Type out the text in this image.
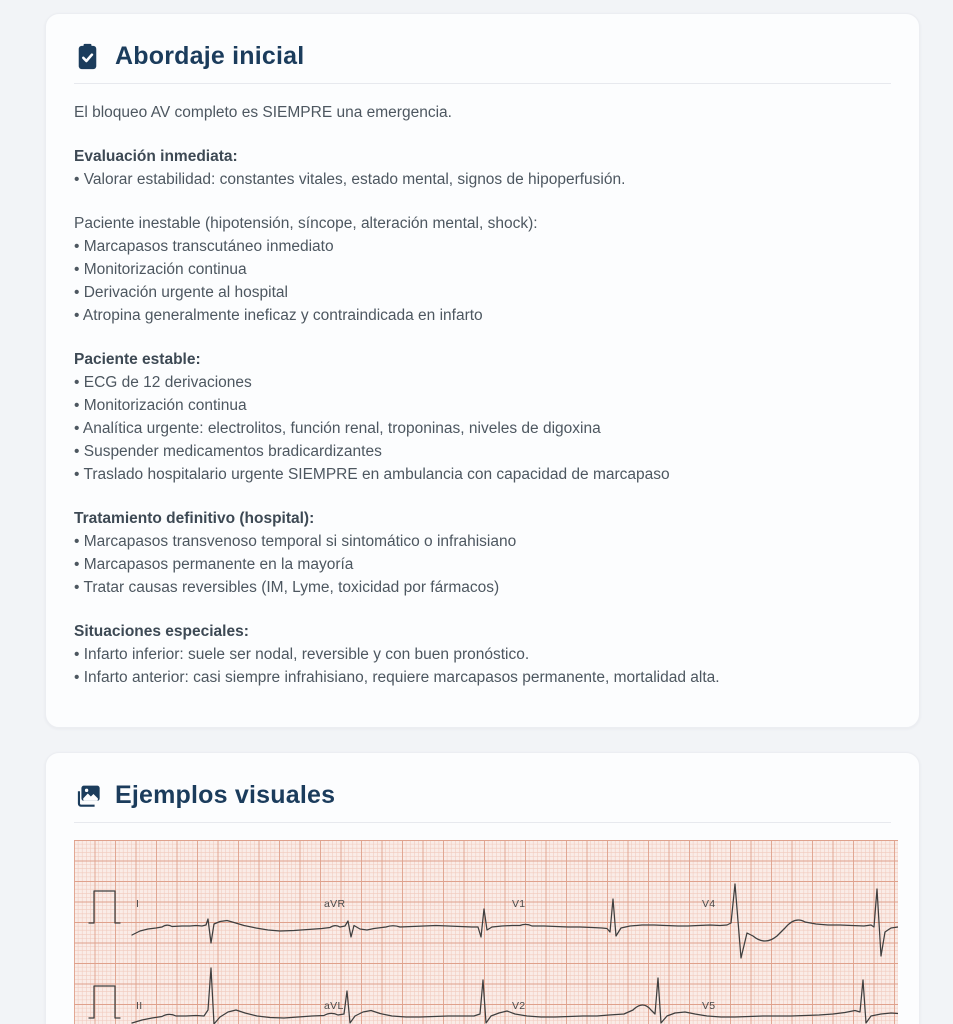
Abordaje inicial

El bloqueo AV completo es SIEMPRE una emergencia.

Evaluación inmediata:
• Valorar estabilidad: constantes vitales, estado mental, signos de hipoperfusión.
Paciente inestable (hipotensión, síncope, alteración mental, shock):
• Marcapasos transcutáneo inmediato
• Monitorización continua
• Derivación urgente al hospital
• Atropina generalmente ineficaz y contraindicada en infarto
Paciente estable:
• ECG de 12 derivaciones
• Monitorización continua
• Analítica urgente: electrolitos, función renal, troponinas, niveles de digoxina
• Suspender medicamentos bradicardizantes
• Traslado hospitalario urgente SIEMPRE en ambulancia con capacidad de marcapaso
Tratamiento definitivo (hospital):
• Marcapasos transvenoso temporal si sintomático o infrahisiano
• Marcapasos permanente en la mayoría
• Tratar causas reversibles (IM, Lyme, toxicidad por fármacos)
Situaciones especiales:
• Infarto inferior: suele ser nodal, reversible y con buen pronóstico.
• Infarto anterior: casi siempre infrahisiano, requiere marcapasos permanente, mortalidad alta.
Ejemplos visuales
I	aVR	V1	V4
II	aVL	V2	V5
